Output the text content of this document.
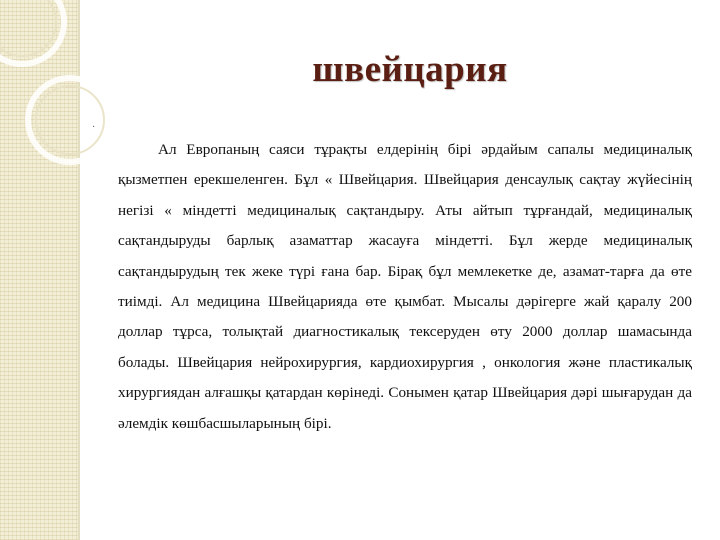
швейцария
·

Ал Европаның саяси тұрақты елдерінің бірі әрдайым сапалы медициналық қызметпен ерекшеленген. Бұл « Швейцария. Швейцария денсаулық сақтау жүйесінің негізі « міндетті медициналық сақтандыру. Аты айтып тұрғандай, медициналық сақтандыруды барлық азаматтар жасауға міндетті. Бұл жерде медициналық сақтандырудың тек жеке түрі ғана бар. Бірақ бұл мемлекетке де, азамат-тарға да өте тиімді. Ал медицина Швейцарияда өте қымбат. Мысалы дәрігерге жай қаралу 200 доллар тұрса, толықтай диагностикалық тексеруден өту 2000 доллар шамасында болады. Швейцария нейрохирургия, кардиохирургия , онкология және пластикалық хирургиядан алғашқы қатардан көрінеді. Сонымен қатар Швейцария дәрі шығарудан да әлемдік көшбасшыларының бірі.
